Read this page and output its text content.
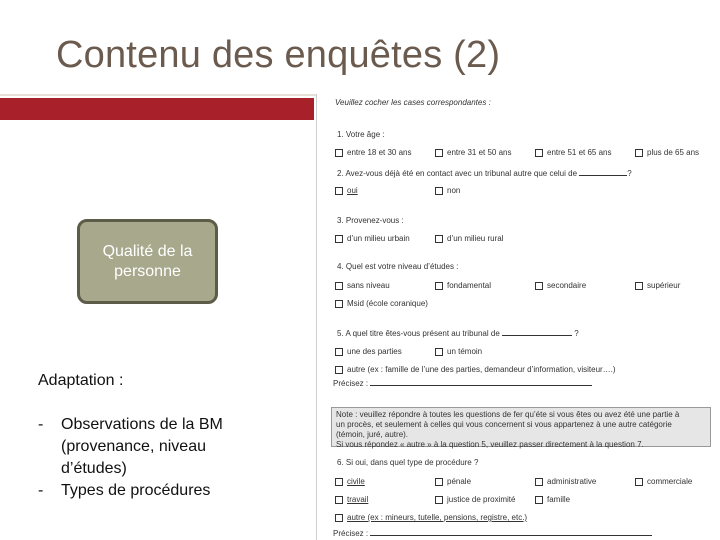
Contenu des enquêtes (2)
Qualité de la personne
Adaptation :
-	Observations de la BM (provenance, niveau d’études)
-	Types de procédures
Veuillez cocher les cases correspondantes :
1. Votre âge :
entre 18 et 30 ans	entre 31 et 50 ans	entre 51 et 65 ans	plus de 65 ans
2. Avez-vous déjà été en contact avec un tribunal autre que celui de	?
oui	non
3. Provenez-vous :
d’un milieu urbain	d’un milieu rural
4. Quel est votre niveau d’études :
sans niveau	fondamental	secondaire	supérieur
Msid (école coranique)
5. A quel titre êtes-vous présent au tribunal de	?
une des parties	un témoin
autre (ex : famille de l’une des parties, demandeur d’information, visiteur….)
Précisez :
Note : veuillez répondre à toutes les questions de fer qu’éte si vous êtes ou avez été une partie à
un procès, et seulement à celles qui vous concernent si vous appartenez à une autre catégorie
(témoin, juré, autre).
Si vous répondez « autre » à la question 5, veuillez passer directement à la question 7.
6. Si oui, dans quel type de procédure ?
civile	pénale	administrative	commerciale
travail	justice de proximité	famille
autre (ex : mineurs, tutelle, pensions, registre, etc.)
Précisez :
